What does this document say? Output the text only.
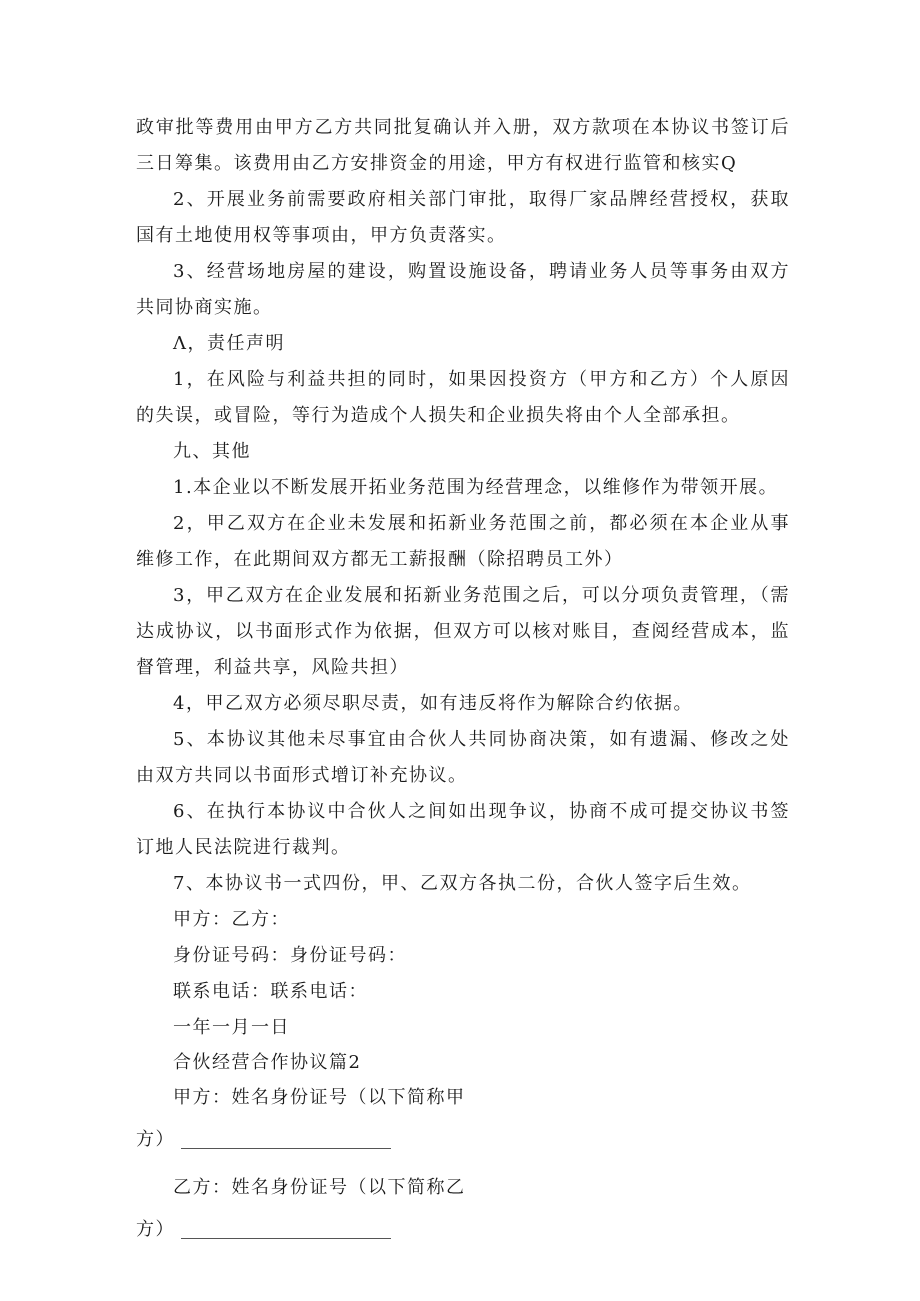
政审批等费用由甲方乙方共同批复确认并入册，双方款项在本协议书签订后三日筹集。该费用由乙方安排资金的用途，甲方有权进行监管和核实Q

2、开展业务前需要政府相关部门审批，取得厂家品牌经营授权，获取国有土地使用权等事项由，甲方负责落实。

3、经营场地房屋的建设，购置设施设备，聘请业务人员等事务由双方共同协商实施。

Λ，责任声明

1，在风险与利益共担的同时，如果因投资方（甲方和乙方）个人原因的失误，或冒险，等行为造成个人损失和企业损失将由个人全部承担。

九、其他

1.本企业以不断发展开拓业务范围为经营理念，以维修作为带领开展。

2，甲乙双方在企业未发展和拓新业务范围之前，都必须在本企业从事维修工作，在此期间双方都无工薪报酬（除招聘员工外）

3，甲乙双方在企业发展和拓新业务范围之后，可以分项负责管理，（需达成协议，以书面形式作为依据，但双方可以核对账目，查阅经营成本，监督管理，利益共享，风险共担）

4，甲乙双方必须尽职尽责，如有违反将作为解除合约依据。

5、本协议其他未尽事宜由合伙人共同协商决策，如有遗漏、修改之处由双方共同以书面形式增订补充协议。

6、在执行本协议中合伙人之间如出现争议，协商不成可提交协议书签订地人民法院进行裁判。

7、本协议书一式四份，甲、乙双方各执二份，合伙人签字后生效。

甲方：乙方：

身份证号码：身份证号码：

联系电话：联系电话：

一年一月一日

合伙经营合作协议篇2

甲方：姓名身份证号（以下简称甲
方）
乙方：姓名身份证号（以下简称乙
方）
